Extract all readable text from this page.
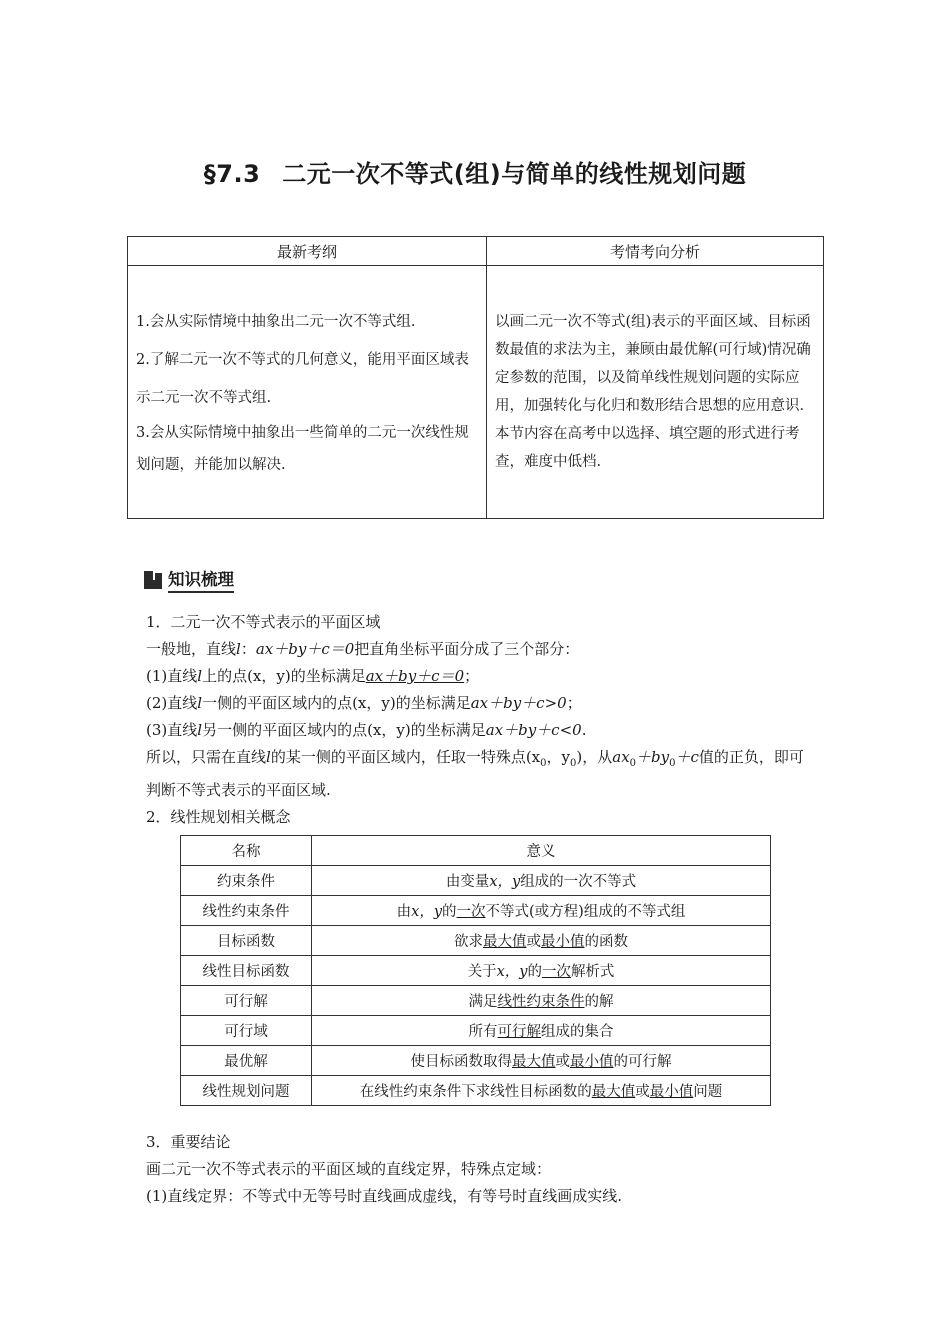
§7.3 二元一次不等式(组)与简单的线性规划问题
最新考纲	考情考向分析

1.会从实际情境中抽象出二元一次不等式组.
2.了解二元一次不等式的几何意义，能用平面区域表示二元一次不等式组.
3.会从实际情境中抽象出一些简单的二元一次线性规划问题，并能加以解决.	以画二元一次不等式(组)表示的平面区域、目标函数最值的求法为主，兼顾由最优解(可行域)情况确定参数的范围，以及简单线性规划问题的实际应用，加强转化与化归和数形结合思想的应用意识．本节内容在高考中以选择、填空题的形式进行考查，难度中低档.
知识梳理

1．二元一次不等式表示的平面区域

一般地，直线l：ax＋by＋c＝0把直角坐标平面分成了三个部分：

(1)直线l上的点(x，y)的坐标满足ax＋by＋c＝0；

(2)直线l一侧的平面区域内的点(x，y)的坐标满足ax＋by＋c>0；

(3)直线l另一侧的平面区域内的点(x，y)的坐标满足ax＋by＋c<0.

所以，只需在直线l的某一侧的平面区域内，任取一特殊点($x_0$，$y_0$)，从$ax_0+by_0+c$值的正负，即可判断不等式表示的平面区域.

2．线性规划相关概念

名称	意义
约束条件	由变量x，y组成的一次不等式
线性约束条件	由x，y的一次不等式(或方程)组成的不等式组
目标函数	欲求最大值或最小值的函数
线性目标函数	关于x，y的一次解析式
可行解	满足线性约束条件的解
可行域	所有可行解组成的集合
最优解	使目标函数取得最大值或最小值的可行解
线性规划问题	在线性约束条件下求线性目标函数的最大值或最小值问题

3．重要结论

画二元一次不等式表示的平面区域的直线定界，特殊点定域：

(1)直线定界：不等式中无等号时直线画成虚线，有等号时直线画成实线.
